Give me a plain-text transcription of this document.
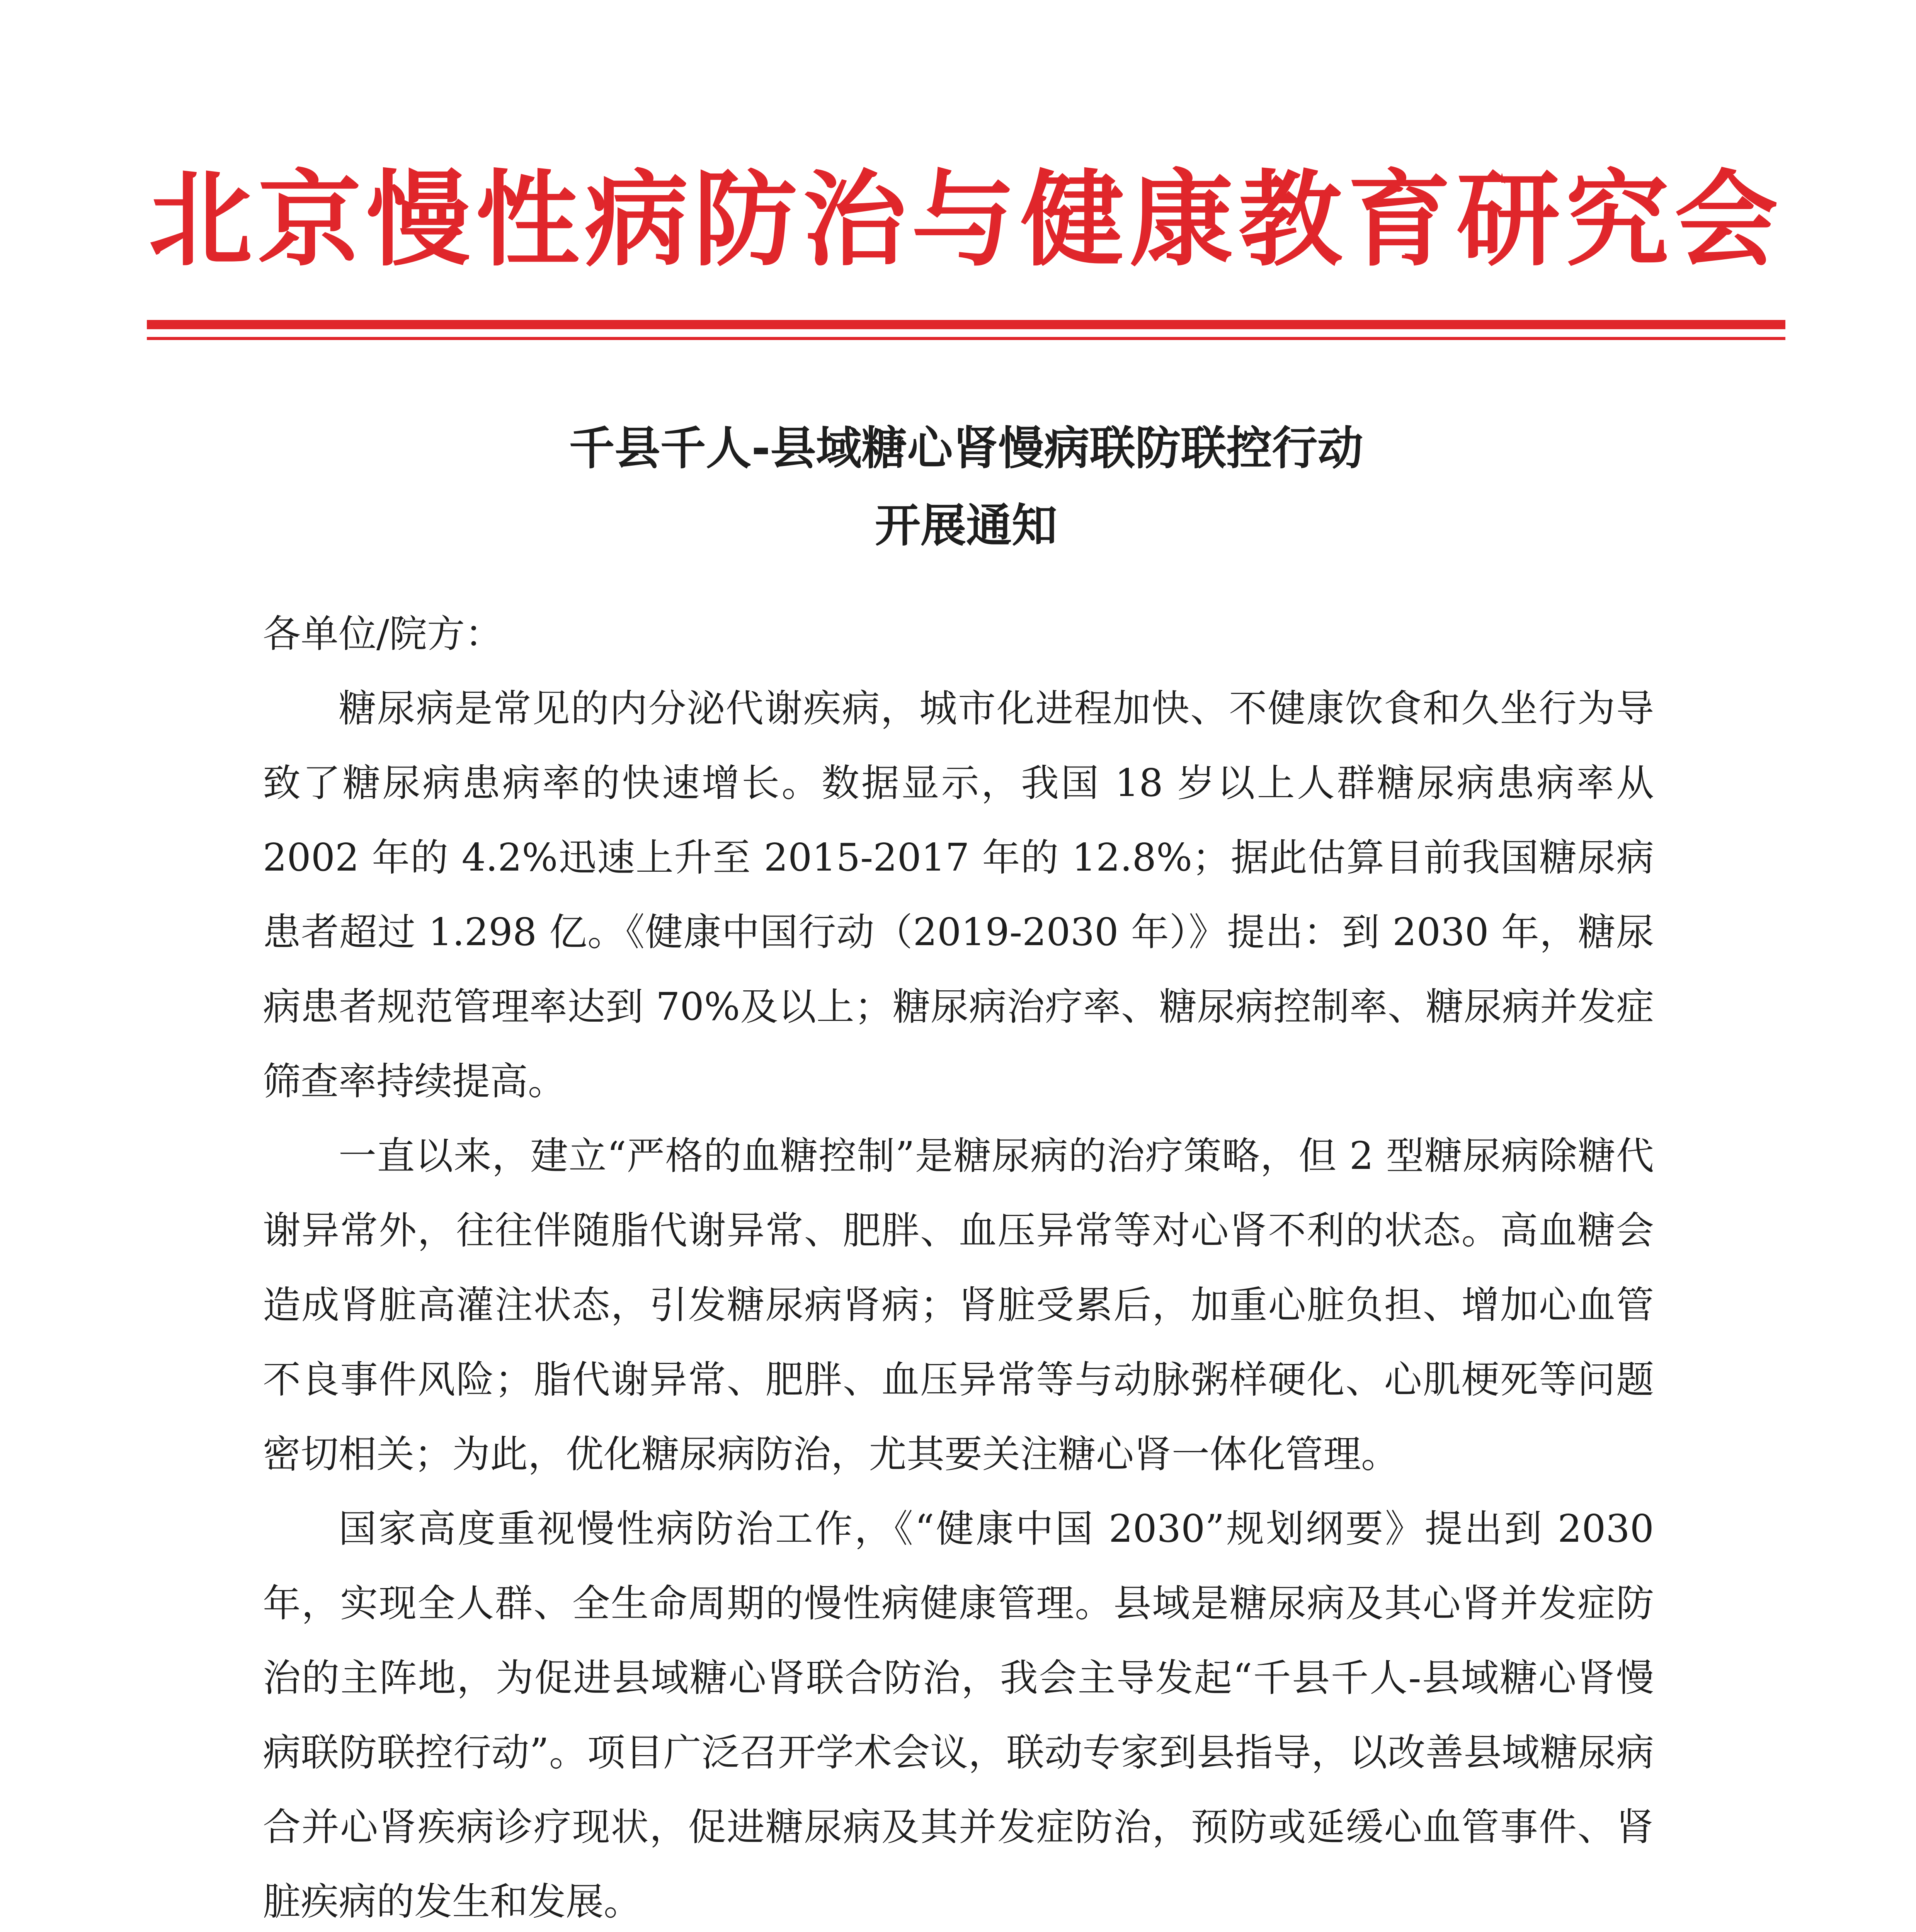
北京慢性病防治与健康教育研究会
千县千人-县域糖心肾慢病联防联控行动
开展通知

各单位/院方：

糖尿病是常见的内分泌代谢疾病，城市化进程加快、不健康饮食和久坐行为导致了糖尿病患病率的快速增长。数据显示，我国 18 岁以上人群糖尿病患病率从 2002 年的 4.2%迅速上升至 2015-2017 年的 12.8%；据此估算目前我国糖尿病患者超过 1.298 亿。《健康中国行动（2019-2030 年）》提出：到 2030 年，糖尿病患者规范管理率达到 70%及以上；糖尿病治疗率、糖尿病控制率、糖尿病并发症筛查率持续提高。

一直以来，建立“严格的血糖控制”是糖尿病的治疗策略，但 2 型糖尿病除糖代谢异常外，往往伴随脂代谢异常、肥胖、血压异常等对心肾不利的状态。高血糖会造成肾脏高灌注状态，引发糖尿病肾病；肾脏受累后，加重心脏负担、增加心血管不良事件风险；脂代谢异常、肥胖、血压异常等与动脉粥样硬化、心肌梗死等问题密切相关；为此，优化糖尿病防治，尤其要关注糖心肾一体化管理。

国家高度重视慢性病防治工作，《“健康中国 2030”规划纲要》提出到 2030 年，实现全人群、全生命周期的慢性病健康管理。县域是糖尿病及其心肾并发症防治的主阵地，为促进县域糖心肾联合防治，我会主导发起“千县千人-县域糖心肾慢病联防联控行动”。项目广泛召开学术会议，联动专家到县指导，以改善县域糖尿病合并心肾疾病诊疗现状，促进糖尿病及其并发症防治，预防或延缓心血管事件、肾脏疾病的发生和发展。
